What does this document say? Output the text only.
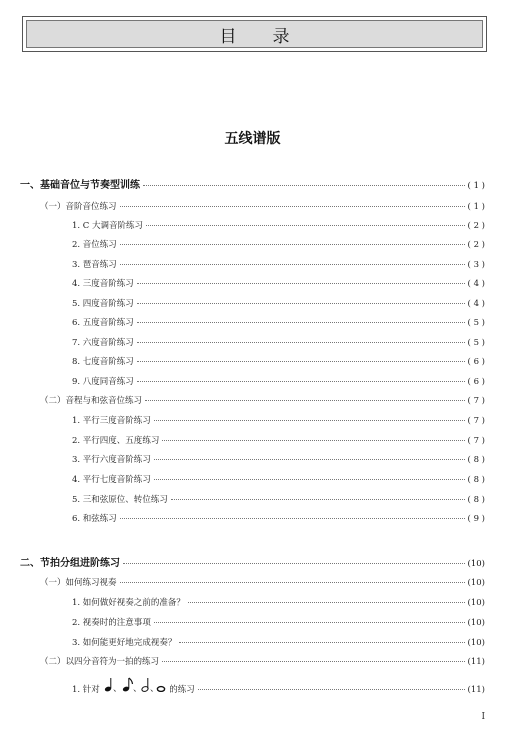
目录
五线谱版
一、基础音位与节奏型训练	( 1 )
（一）音阶音位练习	( 1 )
1. C 大调音阶练习	( 2 )
2. 音位练习	( 2 )
3. 琶音练习	( 3 )
4. 三度音阶练习	( 4 )
5. 四度音阶练习	( 4 )
6. 五度音阶练习	( 5 )
7. 六度音阶练习	( 5 )
8. 七度音阶练习	( 6 )
9. 八度同音练习	( 6 )
（二）音程与和弦音位练习	( 7 )
1. 平行三度音阶练习	( 7 )
2. 平行四度、五度练习	( 7 )
3. 平行六度音阶练习	( 8 )
4. 平行七度音阶练习	( 8 )
5. 三和弦原位、转位练习	( 8 )
6. 和弦练习	( 9 )
二、节拍分组进阶练习	(10)
（一）如何练习视奏	(10)
1. 如何做好视奏之前的准备？	(10)
2. 视奏时的注意事项	(10)
3. 如何能更好地完成视奏？	(10)
（二）以四分音符为一拍的练习	(11)
1. 针对 、 、 、 的练习	(11)
I
